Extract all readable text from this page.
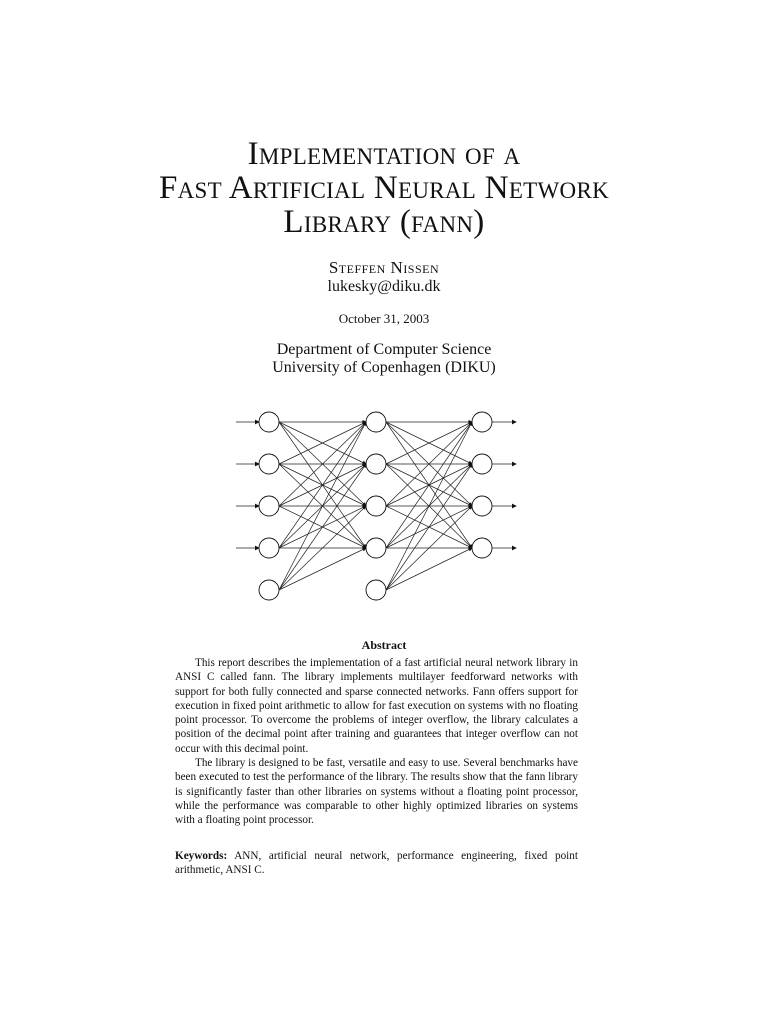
Implementation of a
Fast Artificial Neural Network
Library (fann)
Steffen Nissen
lukesky@diku.dk
October 31, 2003
Department of Computer Science
University of Copenhagen (DIKU)
Abstract

This report describes the implementation of a fast artificial neural network library in ANSI C called fann. The library implements multilayer feedforward networks with support for both fully connected and sparse connected networks. Fann offers support for execution in fixed point arithmetic to allow for fast execution on systems with no floating point processor. To overcome the problems of integer overflow, the library calculates a position of the decimal point after training and guarantees that integer overflow can not occur with this decimal point.

The library is designed to be fast, versatile and easy to use. Several benchmarks have been executed to test the performance of the library. The results show that the fann library is significantly faster than other libraries on systems without a floating point processor, while the performance was comparable to other highly optimized libraries on systems with a floating point processor.

Keywords: ANN, artificial neural network, performance engineering, fixed point arithmetic, ANSI C.
